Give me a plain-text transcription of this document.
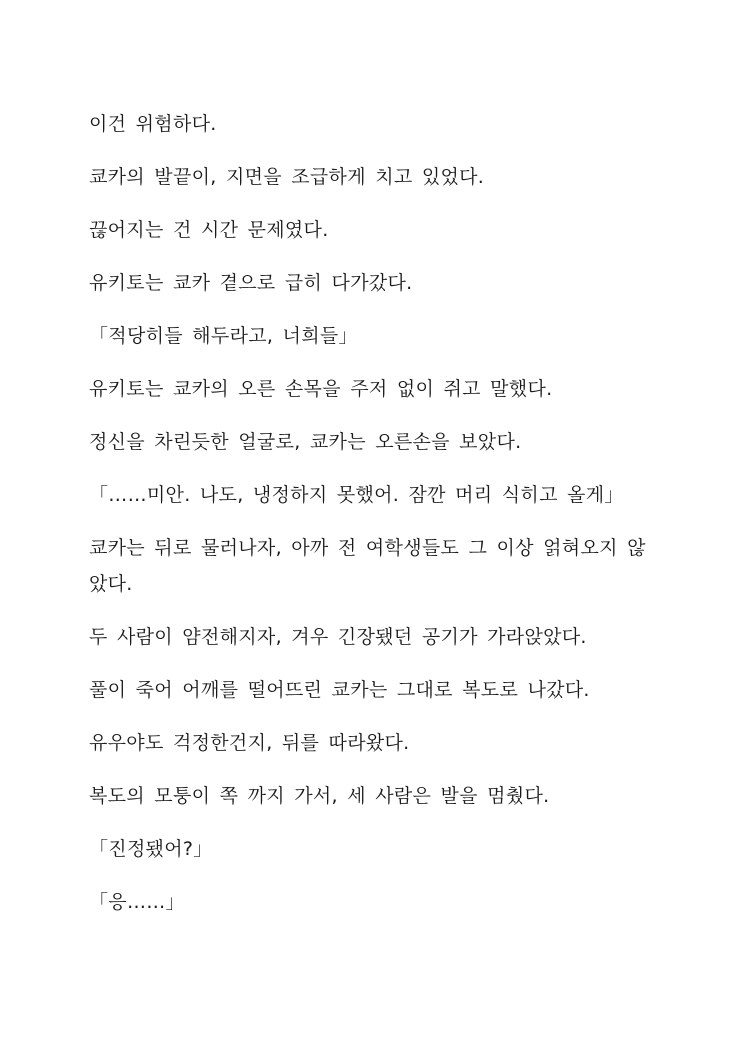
이건 위험하다.

쿄카의 발끝이, 지면을 조급하게 치고 있었다.

끊어지는 건 시간 문제였다.

유키토는 쿄카 곁으로 급히 다가갔다.

「적당히들 해두라고, 너희들」

유키토는 쿄카의 오른 손목을 주저 없이 쥐고 말했다.

정신을 차린듯한 얼굴로, 쿄카는 오른손을 보았다.

「……미안. 나도, 냉정하지 못했어. 잠깐 머리 식히고 올게」

쿄카는 뒤로 물러나자, 아까 전 여학생들도 그 이상 얽혀오지 않았다.

두 사람이 얌전해지자, 겨우 긴장됐던 공기가 가라앉았다.

풀이 죽어 어깨를 떨어뜨린 쿄카는 그대로 복도로 나갔다.

유우야도 걱정한건지, 뒤를 따라왔다.

복도의 모퉁이 쪽 까지 가서, 세 사람은 발을 멈췄다.

「진정됐어?」

「응……」
